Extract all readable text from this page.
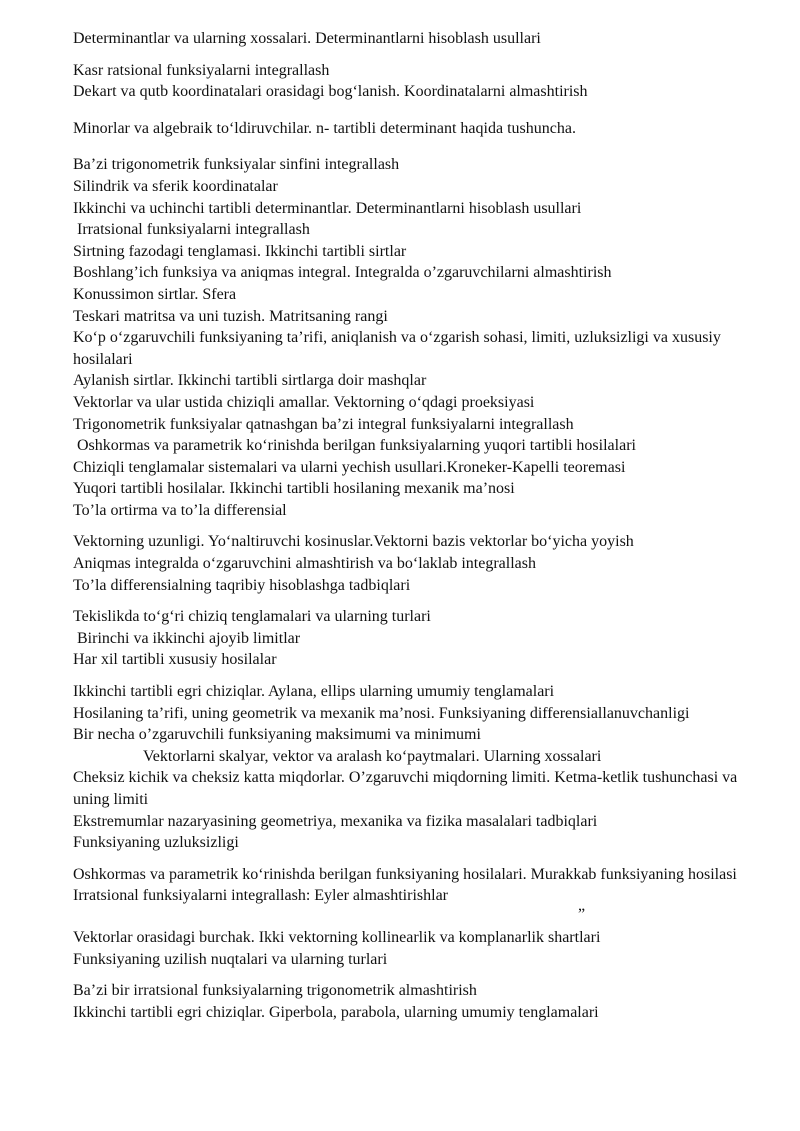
Determinantlar va ularning xossalari. Determinantlarni hisoblash usullari

Kasr ratsional funksiyalarni integrallash

Dekart va qutb koordinatalari orasidagi bog‘lanish. Koordinatalarni almashtirish

Minorlar va algebraik to‘ldiruvchilar. n- tartibli determinant haqida tushuncha.

Ba’zi trigonometrik funksiyalar sinfini integrallash

Silindrik va sferik koordinatalar

Ikkinchi va uchinchi tartibli determinantlar. Determinantlarni hisoblash usullari

Irratsional funksiyalarni integrallash

Sirtning fazodagi tenglamasi. Ikkinchi tartibli sirtlar

Boshlang’ich funksiya va aniqmas integral. Integralda o’zgaruvchilarni almashtirish

Konussimon sirtlar. Sfera

Teskari matritsa va uni tuzish. Matritsaning rangi

Ko‘p o‘zgaruvchili funksiyaning ta’rifi, aniqlanish va o‘zgarish sohasi, limiti, uzluksizligi va xususiy hosilalari

Aylanish sirtlar. Ikkinchi tartibli sirtlarga doir mashqlar

Vektorlar va ular ustida chiziqli amallar. Vektorning o‘qdagi proeksiyasi

Trigonometrik funksiyalar qatnashgan ba’zi integral funksiyalarni integrallash

Oshkormas va parametrik ko‘rinishda berilgan funksiyalarning yuqori tartibli hosilalari

Chiziqli tenglamalar sistemalari va ularni yechish usullari.Kroneker-Kapelli teoremasi

Yuqori tartibli hosilalar. Ikkinchi tartibli hosilaning mexanik ma’nosi

To’la ortirma va to’la differensial

Vektorning uzunligi. Yo‘naltiruvchi kosinuslar.Vektorni bazis vektorlar bo‘yicha yoyish

Aniqmas integralda o‘zgaruvchini almashtirish va bo‘laklab integrallash

To’la differensialning taqribiy hisoblashga tadbiqlari

Tekislikda to‘g‘ri chiziq tenglamalari va ularning turlari

Birinchi va ikkinchi ajoyib limitlar

Har xil tartibli xususiy hosilalar

Ikkinchi tartibli egri chiziqlar. Aylana, ellips ularning umumiy tenglamalari

Hosilaning ta’rifi, uning geometrik va mexanik ma’nosi. Funksiyaning differensiallanuvchanligi

Bir necha o’zgaruvchili funksiyaning maksimumi va minimumi

Vektorlarni skalyar, vektor va aralash ko‘paytmalari. Ularning xossalari

Cheksiz kichik va cheksiz katta miqdorlar. O’zgaruvchi miqdorning limiti. Ketma-ketlik tushunchasi va uning limiti

Ekstremumlar nazaryasining geometriya, mexanika va fizika masalalari tadbiqlari

Funksiyaning uzluksizligi

Oshkormas va parametrik ko‘rinishda berilgan funksiyaning hosilalari. Murakkab funksiyaning hosilasi

Irratsional funksiyalarni integrallash: Eyler almashtirishlar

”

Vektorlar orasidagi burchak. Ikki vektorning kollinearlik va komplanarlik shartlari

Funksiyaning uzilish nuqtalari va ularning turlari

Ba’zi bir irratsional funksiyalarning trigonometrik almashtirish

Ikkinchi tartibli egri chiziqlar. Giperbola, parabola, ularning umumiy tenglamalari
